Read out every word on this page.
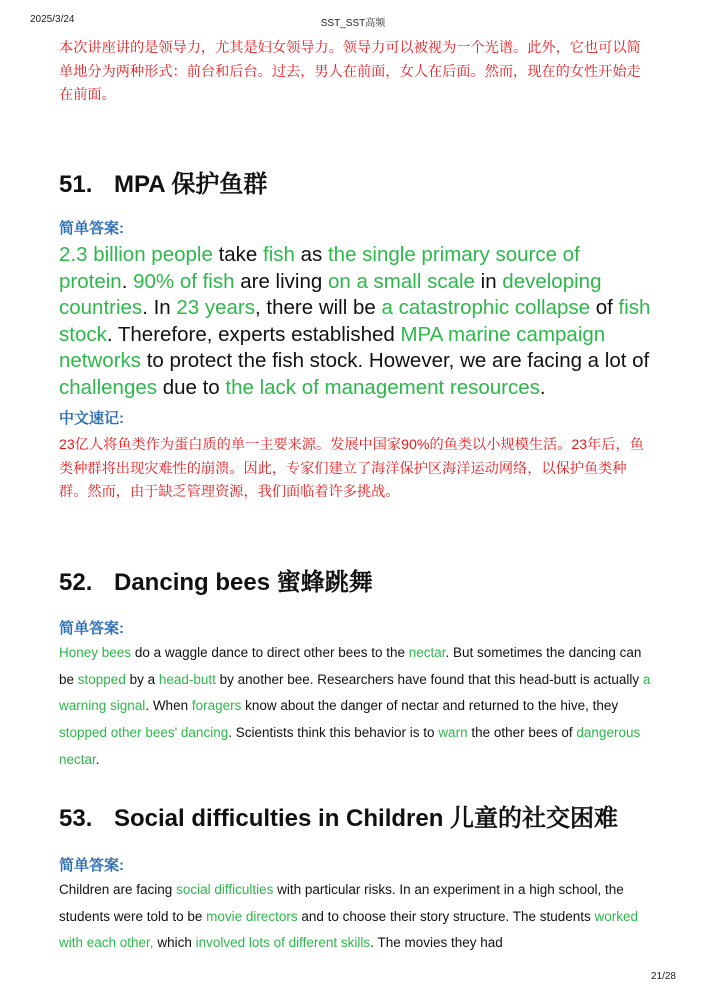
2025/3/24	SST_SST高频

本次讲座讲的是领导力，尤其是妇女领导力。领导力可以被视为一个光谱。此外，它也可以简单地分为两种形式：前台和后台。过去，男人在前面，女人在后面。然而，现在的女性开始走在前面。

51. MPA 保护鱼群

简单答案:

2.3 billion people take fish as the single primary source of protein. 90% of fish are living on a small scale in developing countries. In 23 years, there will be a catastrophic collapse of fish stock. Therefore, experts established MPA marine campaign networks to protect the fish stock. However, we are facing a lot of challenges due to the lack of management resources.

中文速记:

23亿人将鱼类作为蛋白质的单一主要来源。发展中国家90%的鱼类以小规模生活。23年后，鱼类种群将出现灾难性的崩溃。因此，专家们建立了海洋保护区海洋运动网络，以保护鱼类种群。然而，由于缺乏管理资源，我们面临着许多挑战。

52. Dancing bees 蜜蜂跳舞

简单答案:

Honey bees do a waggle dance to direct other bees to the nectar. But sometimes the dancing can be stopped by a head-butt by another bee. Researchers have found that this head-butt is actually a warning signal. When foragers know about the danger of nectar and returned to the hive, they stopped other bees' dancing. Scientists think this behavior is to warn the other bees of dangerous nectar.

53. Social difficulties in Children 儿童的社交困难

简单答案:

Children are facing social difficulties with particular risks. In an experiment in a high school, the students were told to be movie directors and to choose their story structure. The students worked with each other, which involved lots of different skills. The movies they had

21/28
